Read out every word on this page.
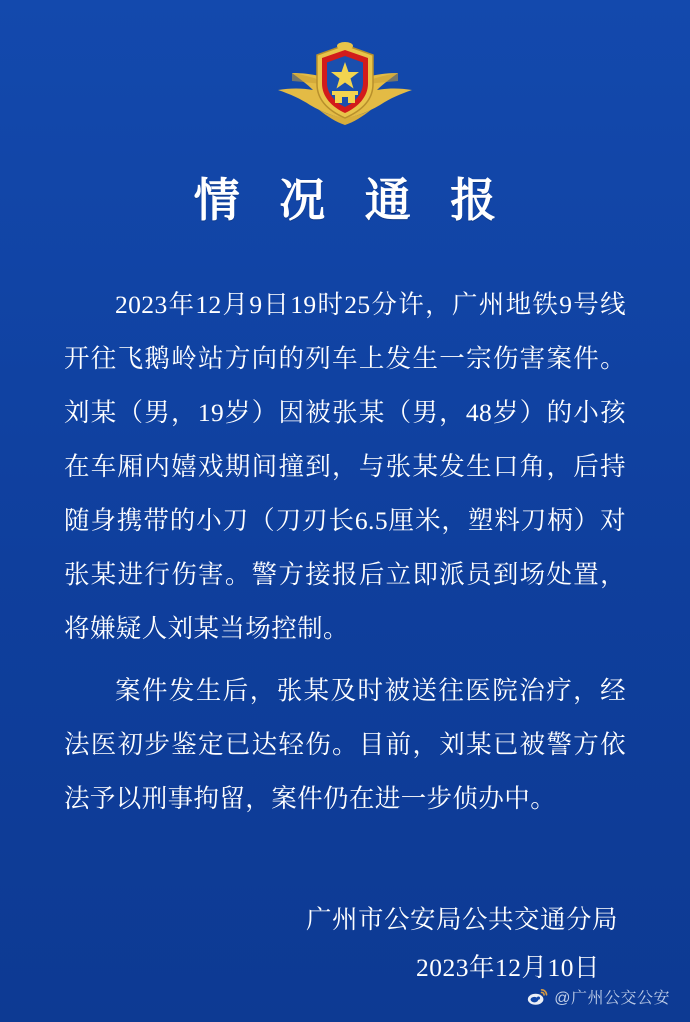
情 况 通 报

2023年12月9日19时25分许，广州地铁9号线开往飞鹅岭站方向的列车上发生一宗伤害案件。刘某（男，19岁）因被张某（男，48岁）的小孩在车厢内嬉戏期间撞到，与张某发生口角，后持随身携带的小刀（刀刃长6.5厘米，塑料刀柄）对张某进行伤害。警方接报后立即派员到场处置，将嫌疑人刘某当场控制。

案件发生后，张某及时被送往医院治疗，经法医初步鉴定已达轻伤。目前，刘某已被警方依法予以刑事拘留，案件仍在进一步侦办中。

广州市公安局公共交通分局
2023年12月10日
@广州公交公安
